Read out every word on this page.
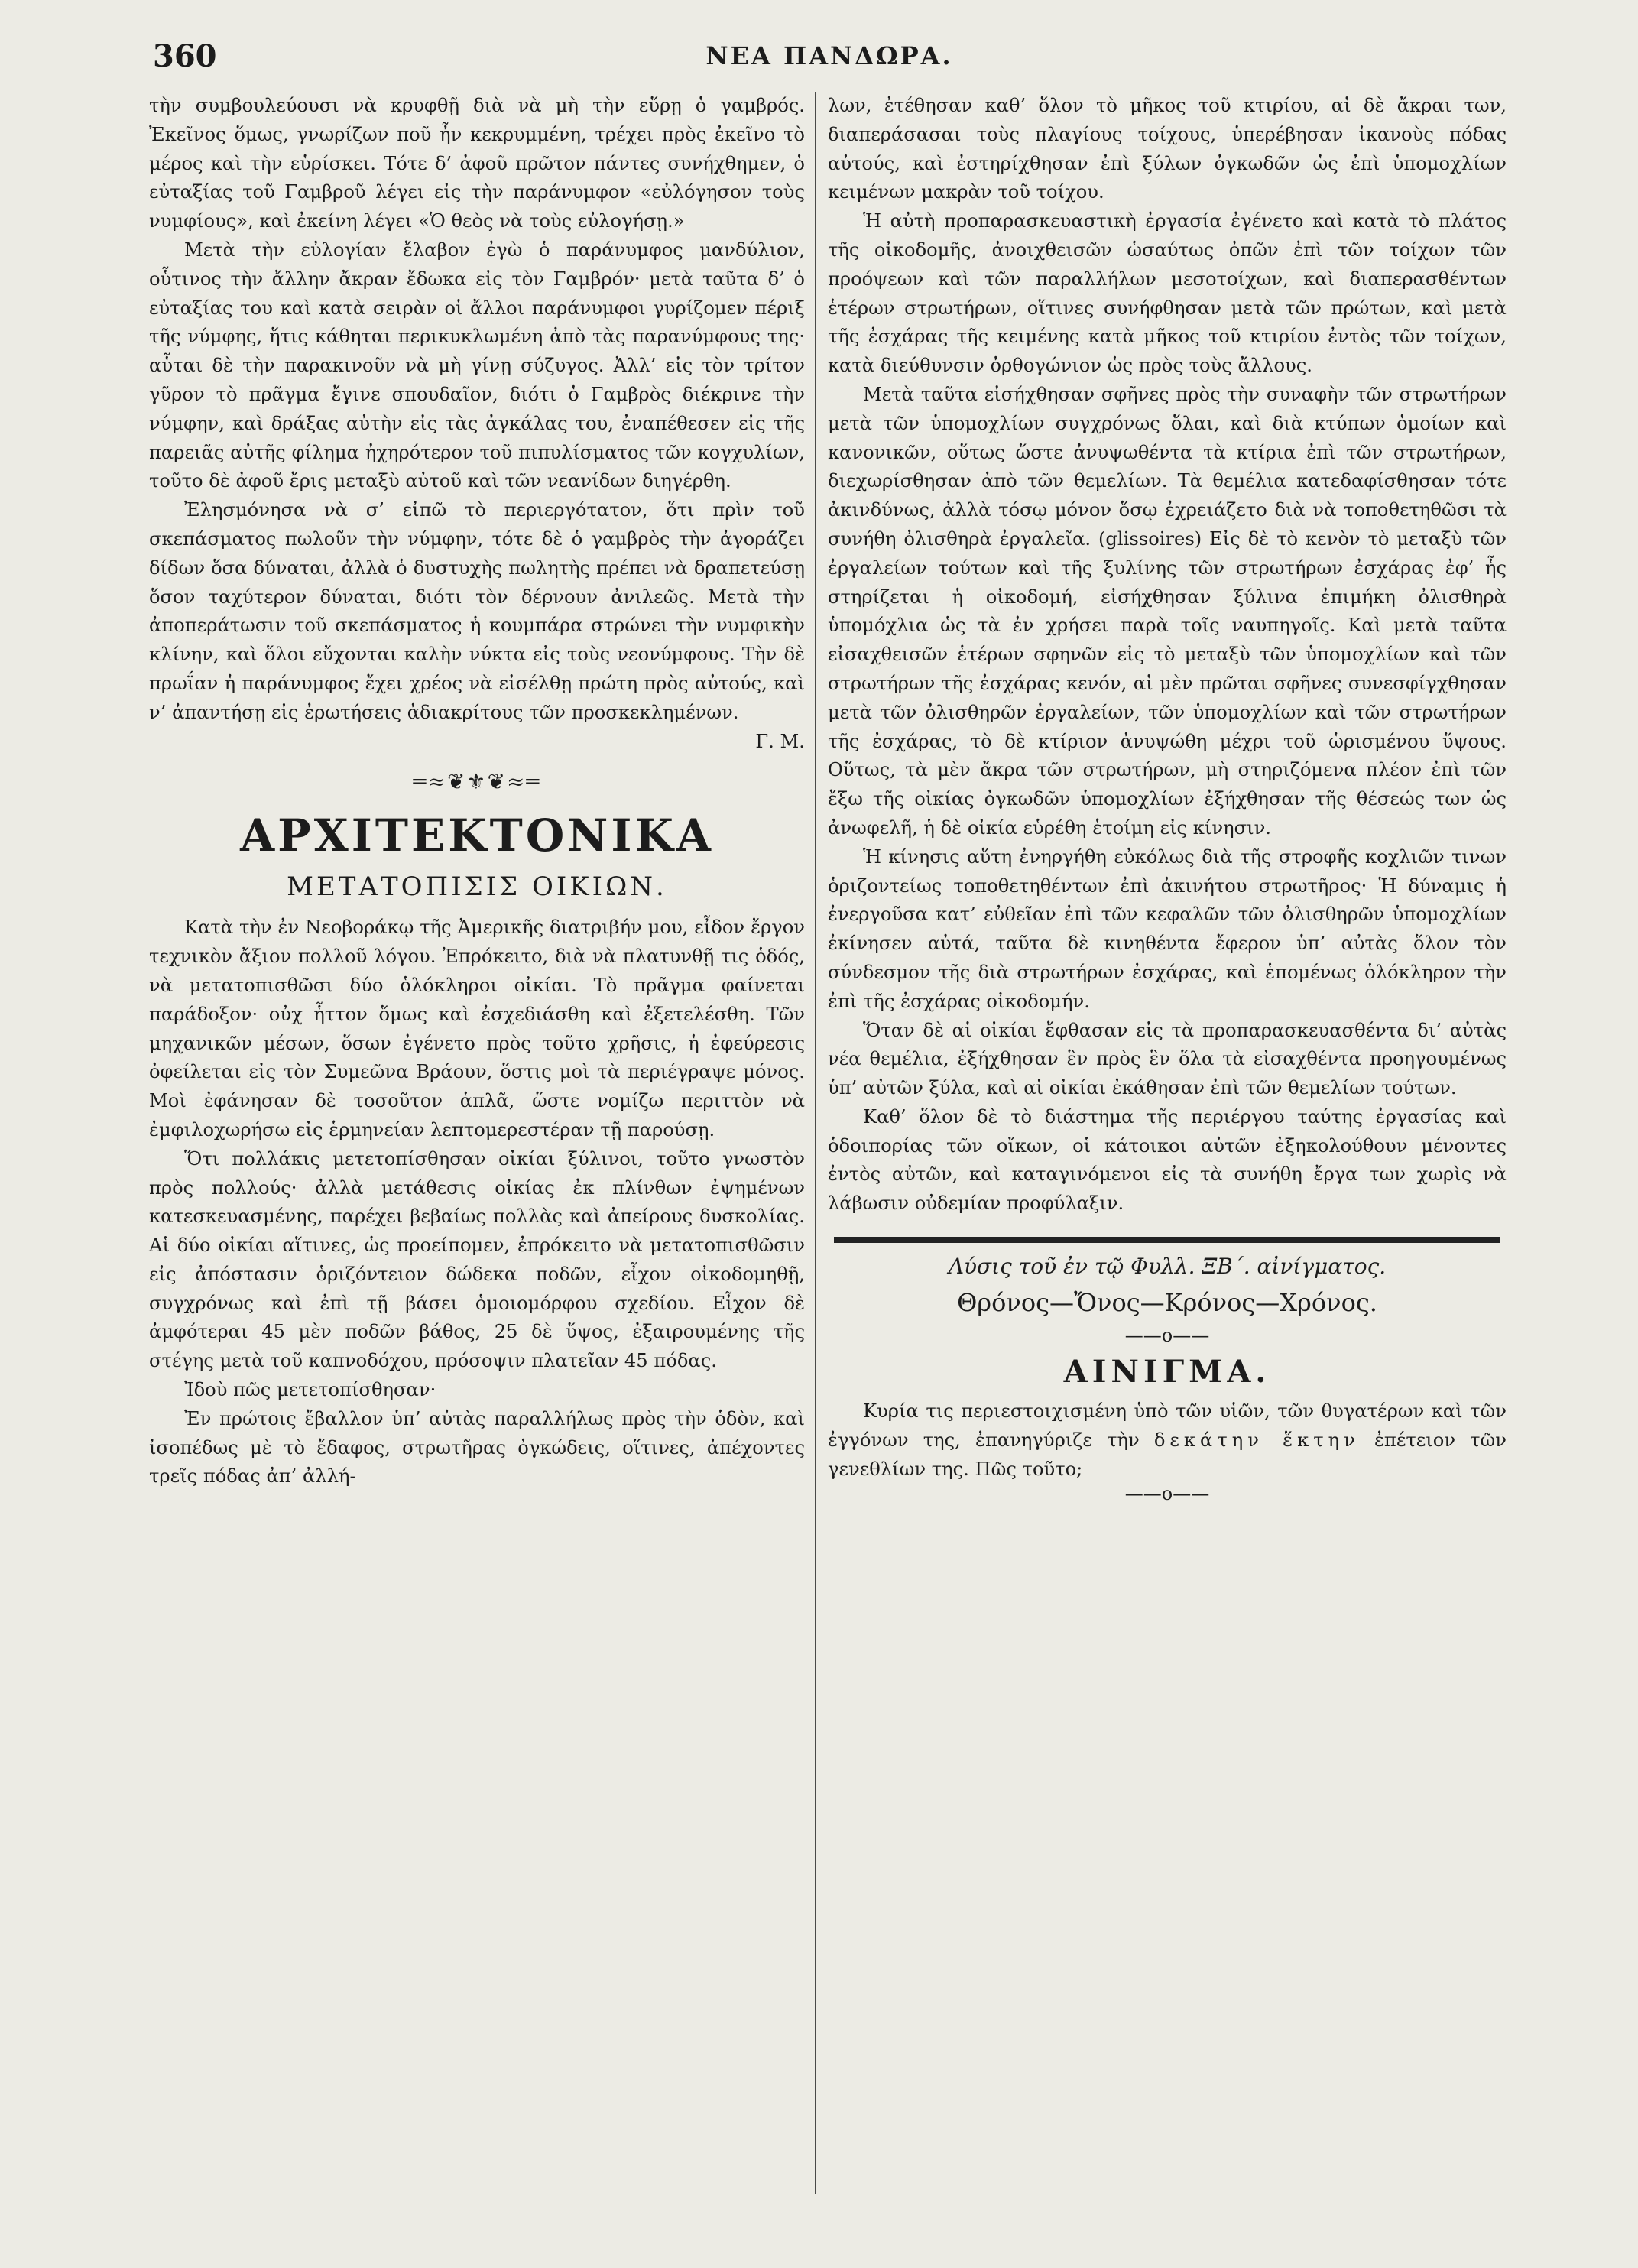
360	ΝΕΑ ΠΑΝΔΩΡΑ.

τὴν συμβουλεύουσι νὰ κρυφθῇ διὰ νὰ μὴ τὴν εὕρῃ ὁ γαμβρός. Ἐκεῖνος ὅμως, γνωρίζων ποῦ ἦν κεκρυμμένη, τρέχει πρὸς ἐκεῖνο τὸ μέρος καὶ τὴν εὑρίσκει. Τότε δ’ ἀφοῦ πρῶτον πάντες συνήχθημεν, ὁ εὐταξίας τοῦ Γαμβροῦ λέγει εἰς τὴν παράνυμφον «εὐλόγησον τοὺς νυμφίους», καὶ ἐκείνη λέγει «Ὁ θεὸς νὰ τοὺς εὐλογήσῃ.»

Μετὰ τὴν εὐλογίαν ἔλαβον ἐγὼ ὁ παράνυμφος μανδύλιον, οὗτινος τὴν ἄλλην ἄκραν ἔδωκα εἰς τὸν Γαμβρόν· μετὰ ταῦτα δ’ ὁ εὐταξίας του καὶ κατὰ σειρὰν οἱ ἄλλοι παράνυμφοι γυρίζομεν πέριξ τῆς νύμφης, ἥτις κάθηται περικυκλωμένη ἀπὸ τὰς παρανύμφους της· αὗται δὲ τὴν παρακινοῦν νὰ μὴ γίνῃ σύζυγος. Ἀλλ’ εἰς τὸν τρίτον γῦρον τὸ πρᾶγμα ἔγινε σπουδαῖον, διότι ὁ Γαμβρὸς διέκρινε τὴν νύμφην, καὶ δράξας αὐτὴν εἰς τὰς ἀγκάλας του, ἐναπέθεσεν εἰς τῆς παρειᾶς αὐτῆς φίλημα ἠχηρότερον τοῦ πιπυλίσματος τῶν κογχυλίων, τοῦτο δὲ ἀφοῦ ἔρις μεταξὺ αὐτοῦ καὶ τῶν νεανίδων διηγέρθη.

Ἐλησμόνησα νὰ σ’ εἰπῶ τὸ περιεργότατον, ὅτι πρὶν τοῦ σκεπάσματος πωλοῦν τὴν νύμφην, τότε δὲ ὁ γαμβρὸς τὴν ἀγοράζει δίδων ὅσα δύναται, ἀλλὰ ὁ δυστυχὴς πωλητὴς πρέπει νὰ δραπετεύσῃ ὅσον ταχύτερον δύναται, διότι τὸν δέρνουν ἀνιλεῶς. Μετὰ τὴν ἀποπεράτωσιν τοῦ σκεπάσματος ἡ κουμπάρα στρώνει τὴν νυμφικὴν κλίνην, καὶ ὅλοι εὔχονται καλὴν νύκτα εἰς τοὺς νεονύμφους. Τὴν δὲ πρωΐαν ἡ παράνυμφος ἔχει χρέος νὰ εἰσέλθῃ πρώτη πρὸς αὐτούς, καὶ ν’ ἀπαντήσῃ εἰς ἐρωτήσεις ἀδιακρίτους τῶν προσκεκλημένων.

Γ. Μ.
═≈❦⚜❦≈═
ΑΡΧΙΤΕΚΤΟΝΙΚΑ
ΜΕΤΑΤΟΠΙΣΙΣ ΟΙΚΙΩΝ.

Κατὰ τὴν ἐν Νεοβοράκῳ τῆς Ἀμερικῆς διατριβήν μου, εἶδον ἔργον τεχνικὸν ἄξιον πολλοῦ λόγου. Ἐπρόκειτο, διὰ νὰ πλατυνθῇ τις ὁδός, νὰ μετατοπισθῶσι δύο ὁλόκληροι οἰκίαι. Τὸ πρᾶγμα φαίνεται παράδοξον· οὐχ ἧττον ὅμως καὶ ἐσχεδιάσθη καὶ ἐξετελέσθη. Τῶν μηχανικῶν μέσων, ὅσων ἐγένετο πρὸς τοῦτο χρῆσις, ἡ ἐφεύρεσις ὀφείλεται εἰς τὸν Συμεῶνα Βράουν, ὅστις μοὶ τὰ περιέγραψε μόνος. Μοὶ ἐφάνησαν δὲ τοσοῦτον ἁπλᾶ, ὥστε νομίζω περιττὸν νὰ ἐμφιλοχωρήσω εἰς ἑρμηνείαν λεπτομερεστέραν τῇ παρούσῃ.

Ὅτι πολλάκις μετετοπίσθησαν οἰκίαι ξύλινοι, τοῦτο γνωστὸν πρὸς πολλούς· ἀλλὰ μετάθεσις οἰκίας ἐκ πλίνθων ἐψημένων κατεσκευασμένης, παρέχει βεβαίως πολλὰς καὶ ἀπείρους δυσκολίας. Αἱ δύο οἰκίαι αἵτινες, ὡς προείπομεν, ἐπρόκειτο νὰ μετατοπισθῶσιν εἰς ἀπόστασιν ὁριζόντειον δώδεκα ποδῶν, εἶχον οἰκοδομηθῇ, συγχρόνως καὶ ἐπὶ τῇ βάσει ὁμοιομόρφου σχεδίου. Εἶχον δὲ ἀμφότεραι 45 μὲν ποδῶν βάθος, 25 δὲ ὕψος, ἐξαιρουμένης τῆς στέγης μετὰ τοῦ καπνοδόχου, πρόσοψιν πλατεῖαν 45 πόδας.

Ἰδοὺ πῶς μετετοπίσθησαν·

Ἐν πρώτοις ἔβαλλον ὑπ’ αὐτὰς παραλλήλως πρὸς τὴν ὁδὸν, καὶ ἰσοπέδως μὲ τὸ ἔδαφος, στρωτῆρας ὀγκώδεις, οἵτινες, ἀπέχοντες τρεῖς πόδας ἀπ’ ἀλλή-

λων, ἐτέθησαν καθ’ ὅλον τὸ μῆκος τοῦ κτιρίου, αἱ δὲ ἄκραι των, διαπεράσασαι τοὺς πλαγίους τοίχους, ὑπερέβησαν ἱκανοὺς πόδας αὐτούς, καὶ ἐστηρίχθησαν ἐπὶ ξύλων ὀγκωδῶν ὡς ἐπὶ ὑπομοχλίων κειμένων μακρὰν τοῦ τοίχου.

Ἡ αὐτὴ προπαρασκευαστικὴ ἐργασία ἐγένετο καὶ κατὰ τὸ πλάτος τῆς οἰκοδομῆς, ἀνοιχθεισῶν ὡσαύτως ὀπῶν ἐπὶ τῶν τοίχων τῶν προόψεων καὶ τῶν παραλλήλων μεσοτοίχων, καὶ διαπερασθέντων ἑτέρων στρωτήρων, οἵτινες συνήφθησαν μετὰ τῶν πρώτων, καὶ μετὰ τῆς ἐσχάρας τῆς κειμένης κατὰ μῆκος τοῦ κτιρίου ἐντὸς τῶν τοίχων, κατὰ διεύθυνσιν ὀρθογώνιον ὡς πρὸς τοὺς ἄλλους.

Μετὰ ταῦτα εἰσήχθησαν σφῆνες πρὸς τὴν συναφὴν τῶν στρωτήρων μετὰ τῶν ὑπομοχλίων συγχρόνως ὅλαι, καὶ διὰ κτύπων ὁμοίων καὶ κανονικῶν, οὕτως ὥστε ἀνυψωθέντα τὰ κτίρια ἐπὶ τῶν στρωτήρων, διεχωρίσθησαν ἀπὸ τῶν θεμελίων. Τὰ θεμέλια κατεδαφίσθησαν τότε ἀκινδύνως, ἀλλὰ τόσῳ μόνον ὅσῳ ἐχρειάζετο διὰ νὰ τοποθετηθῶσι τὰ συνήθη ὀλισθηρὰ ἐργαλεῖα. (glissoires) Εἰς δὲ τὸ κενὸν τὸ μεταξὺ τῶν ἐργαλείων τούτων καὶ τῆς ξυλίνης τῶν στρωτήρων ἐσχάρας ἐφ’ ἧς στηρίζεται ἡ οἰκοδομή, εἰσήχθησαν ξύλινα ἐπιμήκη ὀλισθηρὰ ὑπομόχλια ὡς τὰ ἐν χρήσει παρὰ τοῖς ναυπηγοῖς. Καὶ μετὰ ταῦτα εἰσαχθεισῶν ἑτέρων σφηνῶν εἰς τὸ μεταξὺ τῶν ὑπομοχλίων καὶ τῶν στρωτήρων τῆς ἐσχάρας κενόν, αἱ μὲν πρῶται σφῆνες συνεσφίγχθησαν μετὰ τῶν ὀλισθηρῶν ἐργαλείων, τῶν ὑπομοχλίων καὶ τῶν στρωτήρων τῆς ἐσχάρας, τὸ δὲ κτίριον ἀνυψώθη μέχρι τοῦ ὡρισμένου ὕψους. Οὕτως, τὰ μὲν ἄκρα τῶν στρωτήρων, μὴ στηριζόμενα πλέον ἐπὶ τῶν ἔξω τῆς οἰκίας ὀγκωδῶν ὑπομοχλίων ἐξήχθησαν τῆς θέσεώς των ὡς ἀνωφελῆ, ἡ δὲ οἰκία εὑρέθη ἑτοίμη εἰς κίνησιν.

Ἡ κίνησις αὕτη ἐνηργήθη εὐκόλως διὰ τῆς στροφῆς κοχλιῶν τινων ὁριζοντείως τοποθετηθέντων ἐπὶ ἀκινήτου στρωτῆρος· Ἡ δύναμις ἡ ἐνεργοῦσα κατ’ εὐθεῖαν ἐπὶ τῶν κεφαλῶν τῶν ὀλισθηρῶν ὑπομοχλίων ἐκίνησεν αὐτά, ταῦτα δὲ κινηθέντα ἔφερον ὑπ’ αὐτὰς ὅλον τὸν σύνδεσμον τῆς διὰ στρωτήρων ἐσχάρας, καὶ ἑπομένως ὁλόκληρον τὴν ἐπὶ τῆς ἐσχάρας οἰκοδομήν.

Ὅταν δὲ αἱ οἰκίαι ἔφθασαν εἰς τὰ προπαρασκευασθέντα δι’ αὐτὰς νέα θεμέλια, ἐξήχθησαν ἓν πρὸς ἓν ὅλα τὰ εἰσαχθέντα προηγουμένως ὑπ’ αὐτῶν ξύλα, καὶ αἱ οἰκίαι ἐκάθησαν ἐπὶ τῶν θεμελίων τούτων.

Καθ’ ὅλον δὲ τὸ διάστημα τῆς περιέργου ταύτης ἐργασίας καὶ ὁδοιπορίας τῶν οἴκων, οἱ κάτοικοι αὐτῶν ἐξηκολούθουν μένοντες ἐντὸς αὐτῶν, καὶ καταγινόμενοι εἰς τὰ συνήθη ἔργα των χωρὶς νὰ λάβωσιν οὐδεμίαν προφύλαξιν.

Λύσις τοῦ ἐν τῷ Φυλλ. ΞΒ΄. αἰνίγματος.
Θρόνος—Ὄνος—Κρόνος—Χρόνος.
——o——
ΑΙΝΙΓΜΑ.

Κυρία τις περιεστοιχισμένη ὑπὸ τῶν υἱῶν, τῶν θυγατέρων καὶ τῶν ἐγγόνων της, ἐπανηγύριζε τὴν δεκάτην ἕκτην ἐπέτειον τῶν γενεθλίων της. Πῶς τοῦτο;

——o——
